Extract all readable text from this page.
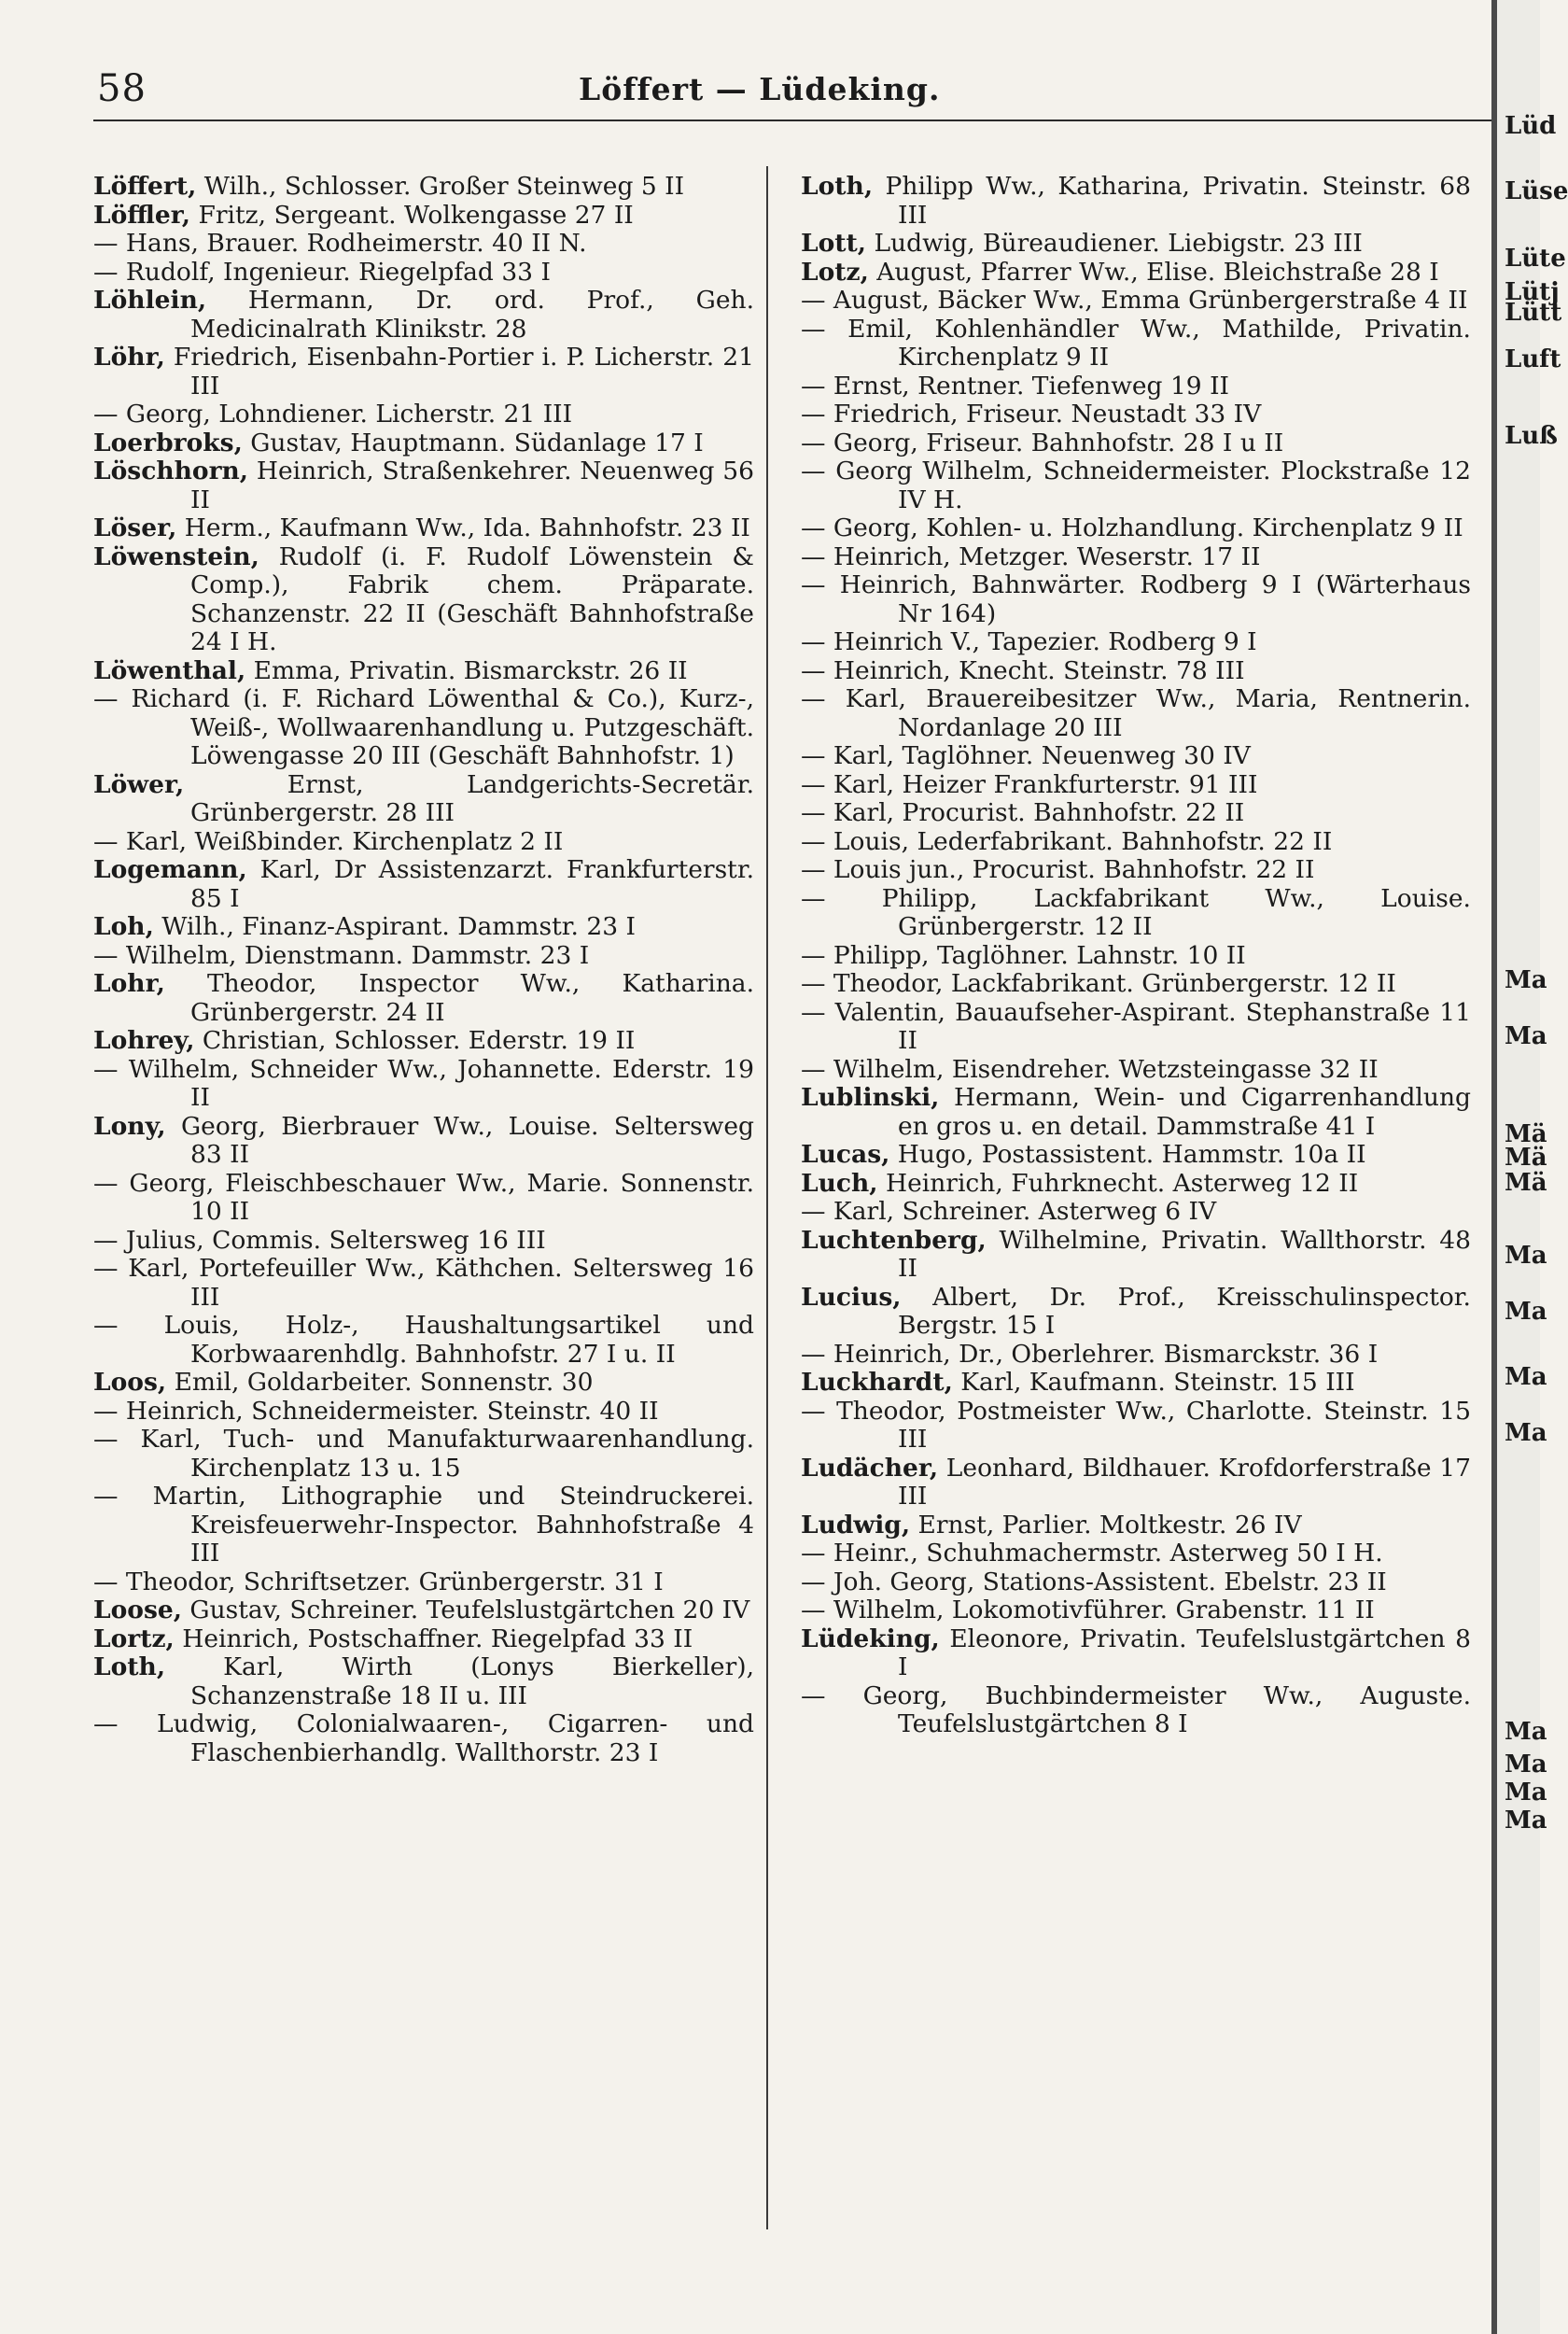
58	Löffert — Lüdeking.
Löffert, Wilh., Schlosser. Großer Steinweg 5 II
Löffler, Fritz, Sergeant. Wolkengasse 27 II
— Hans, Brauer. Rodheimerstr. 40 II N.
— Rudolf, Ingenieur. Riegelpfad 33 I
Löhlein, Hermann, Dr. ord. Prof., Geh. Medicinalrath Klinikstr. 28
Löhr, Friedrich, Eisenbahn-Portier i. P. Licherstr. 21 III
— Georg, Lohndiener. Licherstr. 21 III
Loerbroks, Gustav, Hauptmann. Südanlage 17 I
Löschhorn, Heinrich, Straßenkehrer. Neuenweg 56 II
Löser, Herm., Kaufmann Ww., Ida. Bahnhofstr. 23 II
Löwenstein, Rudolf (i. F. Rudolf Löwenstein & Comp.), Fabrik chem. Präparate. Schanzenstr. 22 II (Geschäft Bahnhofstraße 24 I H.
Löwenthal, Emma, Privatin. Bismarckstr. 26 II
— Richard (i. F. Richard Löwenthal & Co.), Kurz-, Weiß-, Wollwaarenhandlung u. Putzgeschäft. Löwengasse 20 III (Geschäft Bahnhofstr. 1)
Löwer, Ernst, Landgerichts-Secretär. Grünbergerstr. 28 III
— Karl, Weißbinder. Kirchenplatz 2 II
Logemann, Karl, Dr Assistenzarzt. Frankfurterstr. 85 I
Loh, Wilh., Finanz-Aspirant. Dammstr. 23 I
— Wilhelm, Dienstmann. Dammstr. 23 I
Lohr, Theodor, Inspector Ww., Katharina. Grünbergerstr. 24 II
Lohrey, Christian, Schlosser. Ederstr. 19 II
— Wilhelm, Schneider Ww., Johannette. Ederstr. 19 II
Lony, Georg, Bierbrauer Ww., Louise. Seltersweg 83 II
— Georg, Fleischbeschauer Ww., Marie. Sonnenstr. 10 II
— Julius, Commis. Seltersweg 16 III
— Karl, Portefeuiller Ww., Käthchen. Seltersweg 16 III
— Louis, Holz-, Haushaltungsartikel und Korbwaarenhdlg. Bahnhofstr. 27 I u. II
Loos, Emil, Goldarbeiter. Sonnenstr. 30
— Heinrich, Schneidermeister. Steinstr. 40 II
— Karl, Tuch- und Manufakturwaarenhandlung. Kirchenplatz 13 u. 15
— Martin, Lithographie und Steindruckerei. Kreisfeuerwehr-Inspector. Bahnhofstraße 4 III
— Theodor, Schriftsetzer. Grünbergerstr. 31 I
Loose, Gustav, Schreiner. Teufelslustgärtchen 20 IV
Lortz, Heinrich, Postschaffner. Riegelpfad 33 II
Loth, Karl, Wirth (Lonys Bierkeller), Schanzenstraße 18 II u. III
— Ludwig, Colonialwaaren-, Cigarren- und Flaschenbierhandlg. Wallthorstr. 23 I
Loth, Philipp Ww., Katharina, Privatin. Steinstr. 68 III
Lott, Ludwig, Büreaudiener. Liebigstr. 23 III
Lotz, August, Pfarrer Ww., Elise. Bleichstraße 28 I
— August, Bäcker Ww., Emma Grünbergerstraße 4 II
— Emil, Kohlenhändler Ww., Mathilde, Privatin. Kirchenplatz 9 II
— Ernst, Rentner. Tiefenweg 19 II
— Friedrich, Friseur. Neustadt 33 IV
— Georg, Friseur. Bahnhofstr. 28 I u II
— Georg Wilhelm, Schneidermeister. Plockstraße 12 IV H.
— Georg, Kohlen- u. Holzhandlung. Kirchenplatz 9 II
— Heinrich, Metzger. Weserstr. 17 II
— Heinrich, Bahnwärter. Rodberg 9 I (Wärterhaus Nr 164)
— Heinrich V., Tapezier. Rodberg 9 I
— Heinrich, Knecht. Steinstr. 78 III
— Karl, Brauereibesitzer Ww., Maria, Rentnerin. Nordanlage 20 III
— Karl, Taglöhner. Neuenweg 30 IV
— Karl, Heizer Frankfurterstr. 91 III
— Karl, Procurist. Bahnhofstr. 22 II
— Louis, Lederfabrikant. Bahnhofstr. 22 II
— Louis jun., Procurist. Bahnhofstr. 22 II
— Philipp, Lackfabrikant Ww., Louise. Grünbergerstr. 12 II
— Philipp, Taglöhner. Lahnstr. 10 II
— Theodor, Lackfabrikant. Grünbergerstr. 12 II
— Valentin, Bauaufseher-Aspirant. Stephanstraße 11 II
— Wilhelm, Eisendreher. Wetzsteingasse 32 II
Lublinski, Hermann, Wein- und Cigarrenhandlung en gros u. en detail. Dammstraße 41 I
Lucas, Hugo, Postassistent. Hammstr. 10a II
Luch, Heinrich, Fuhrknecht. Asterweg 12 II
— Karl, Schreiner. Asterweg 6 IV
Luchtenberg, Wilhelmine, Privatin. Wallthorstr. 48 II
Lucius, Albert, Dr. Prof., Kreisschulinspector. Bergstr. 15 I
— Heinrich, Dr., Oberlehrer. Bismarckstr. 36 I
Luckhardt, Karl, Kaufmann. Steinstr. 15 III
— Theodor, Postmeister Ww., Charlotte. Steinstr. 15 III
Ludächer, Leonhard, Bildhauer. Krofdorferstraße 17 III
Ludwig, Ernst, Parlier. Moltkestr. 26 IV
— Heinr., Schuhmachermstr. Asterweg 50 I H.
— Joh. Georg, Stations-Assistent. Ebelstr. 23 II
— Wilhelm, Lokomotivführer. Grabenstr. 11 II
Lüdeking, Eleonore, Privatin. Teufelslustgärtchen 8 I
— Georg, Buchbindermeister Ww., Auguste. Teufelslustgärtchen 8 I
Lüd
Lüse
Lüte
Lütj
Lütt
Luft
Luß
Ma
Ma
Mä
Mä
Mä
Ma
Ma
Ma
Ma
Ma
Ma
Ma
Ma
